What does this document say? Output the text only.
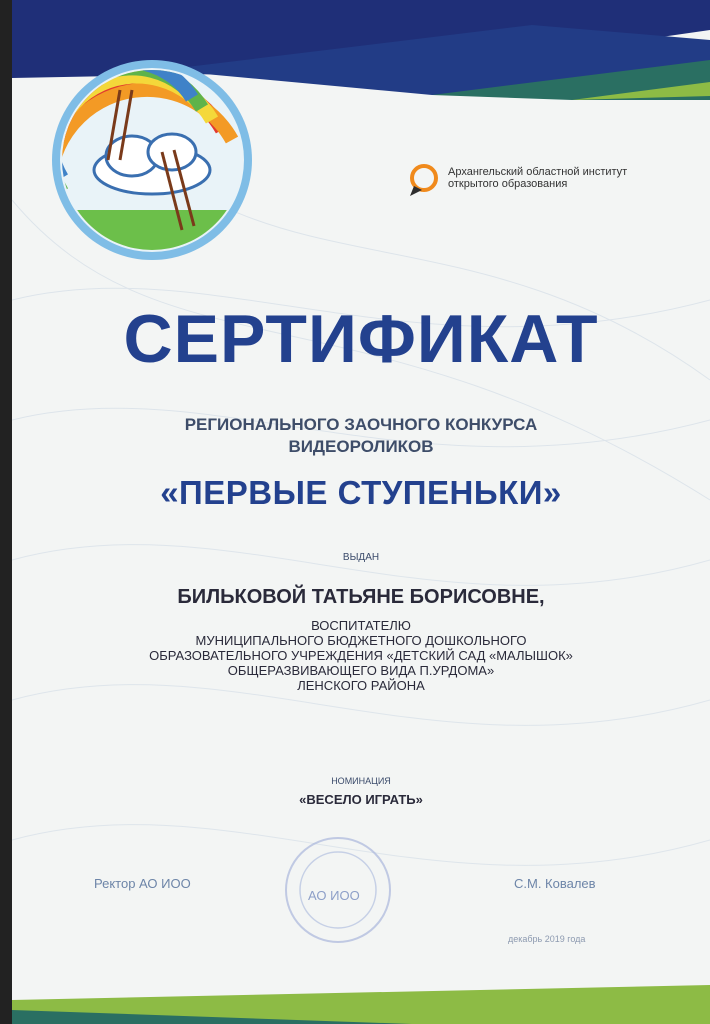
Архангельский областной институт
открытого образования
СЕРТИФИКАТ
РЕГИОНАЛЬНОГО ЗАОЧНОГО КОНКУРСА
ВИДЕОРОЛИКОВ
«ПЕРВЫЕ СТУПЕНЬКИ»
ВЫДАН
БИЛЬКОВОЙ ТАТЬЯНЕ БОРИСОВНЕ,
ВОСПИТАТЕЛЮ
МУНИЦИПАЛЬНОГО БЮДЖЕТНОГО ДОШКОЛЬНОГО
ОБРАЗОВАТЕЛЬНОГО УЧРЕЖДЕНИЯ «ДЕТСКИЙ САД «МАЛЫШОК»
ОБЩЕРАЗВИВАЮЩЕГО ВИДА П.УРДОМА»
ЛЕНСКОГО РАЙОНА
НОМИНАЦИЯ
«ВЕСЕЛО ИГРАТЬ»
Ректор АО ИОО
АО ИОО
С.М. Ковалев
декабрь 2019 года
